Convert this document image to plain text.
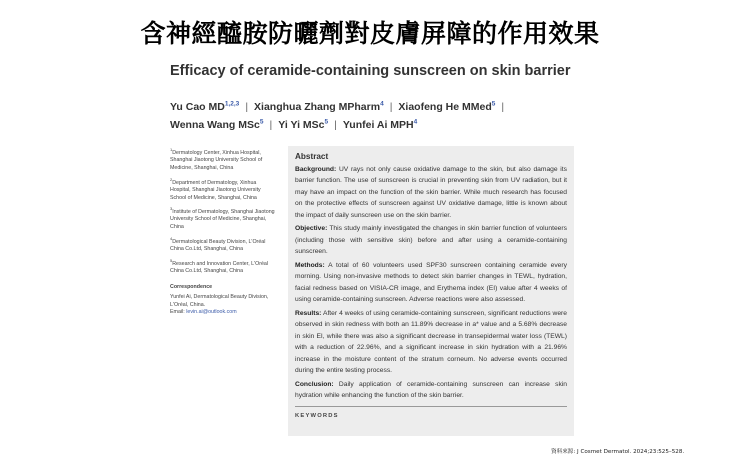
含神經醯胺防曬劑對皮膚屏障的作用效果
Efficacy of ceramide-containing sunscreen on skin barrier
Yu Cao MD$^{1,2,3}$ | Xianghua Zhang MPharm$^4$ | Xiaofeng He MMed$^5$ |
Wenna Wang MSc$^5$ | Yi Yi MSc$^5$ | Yunfei Ai MPH$^4$

$^1$Dermatology Center, Xinhua Hospital, Shanghai Jiaotong University School of Medicine, Shanghai, China

$^2$Department of Dermatology, Xinhua Hospital, Shanghai Jiaotong University School of Medicine, Shanghai, China

$^3$Institute of Dermatology, Shanghai Jiaotong University School of Medicine, Shanghai, China

$^4$Dermatological Beauty Division, L'Oréal China Co.Ltd, Shanghai, China

$^5$Research and Innovation Center, L'Oréal China Co.Ltd, Shanghai, China

Correspondence

Yunfei Ai, Dermatological Beauty Division, L'Oréal, China.
Email: levin.ai@outlook.com

Abstract

Background: UV rays not only cause oxidative damage to the skin, but also damage its barrier function. The use of sunscreen is crucial in preventing skin from UV radiation, but it may have an impact on the function of the skin barrier. While much research has focused on the protective effects of sunscreen against UV oxidative damage, little is known about the impact of daily sunscreen use on the skin barrier.

Objective: This study mainly investigated the changes in skin barrier function of volunteers (including those with sensitive skin) before and after using a ceramide-containing sunscreen.

Methods: A total of 60 volunteers used SPF30 sunscreen containing ceramide every morning. Using non-invasive methods to detect skin barrier changes in TEWL, hydration, facial redness based on VISIA-CR image, and Erythema index (EI) value after 4 weeks of using ceramide-containing sunscreen. Adverse reactions were also assessed.

Results: After 4 weeks of using ceramide-containing sunscreen, significant reductions were observed in skin redness with both an 11.89% decrease in a* value and a 5.68% decrease in skin EI, while there was also a significant decrease in transepidermal water loss (TEWL) with a reduction of 22.96%, and a significant increase in skin hydration with a 21.96% increase in the moisture content of the stratum corneum. No adverse events occurred during the entire testing process.

Conclusion: Daily application of ceramide-containing sunscreen can increase skin hydration while enhancing the function of the skin barrier.

KEYWORDS
資料來源: J Cosmet Dermatol. 2024;23:525–528.
